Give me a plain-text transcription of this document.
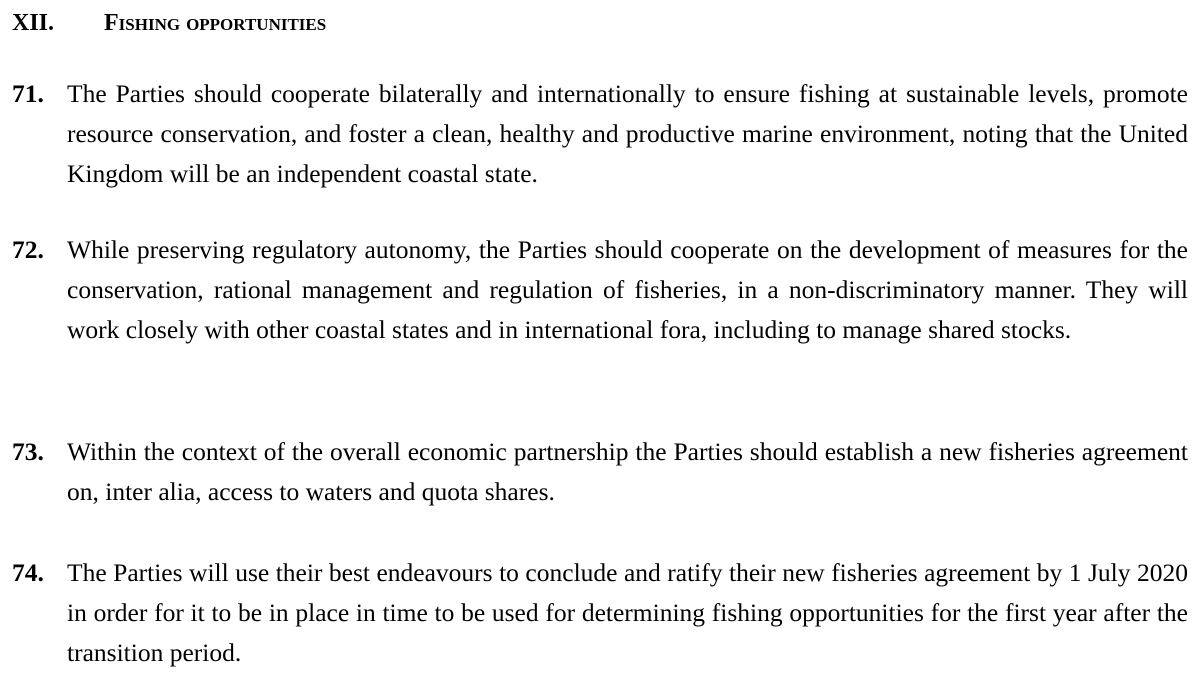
XII. Fishing opportunities
71. The Parties should cooperate bilaterally and internationally to ensure fishing at sustainable levels, promote resource conservation, and foster a clean, healthy and productive marine environment, noting that the United Kingdom will be an independent coastal state.
72. While preserving regulatory autonomy, the Parties should cooperate on the development of measures for the conservation, rational management and regulation of fisheries, in a non-discriminatory manner. They will work closely with other coastal states and in international fora, including to manage shared stocks.
73. Within the context of the overall economic partnership the Parties should establish a new fisheries agreement on, inter alia, access to waters and quota shares.
74. The Parties will use their best endeavours to conclude and ratify their new fisheries agreement by 1 July 2020 in order for it to be in place in time to be used for determining fishing opportunities for the first year after the transition period.
